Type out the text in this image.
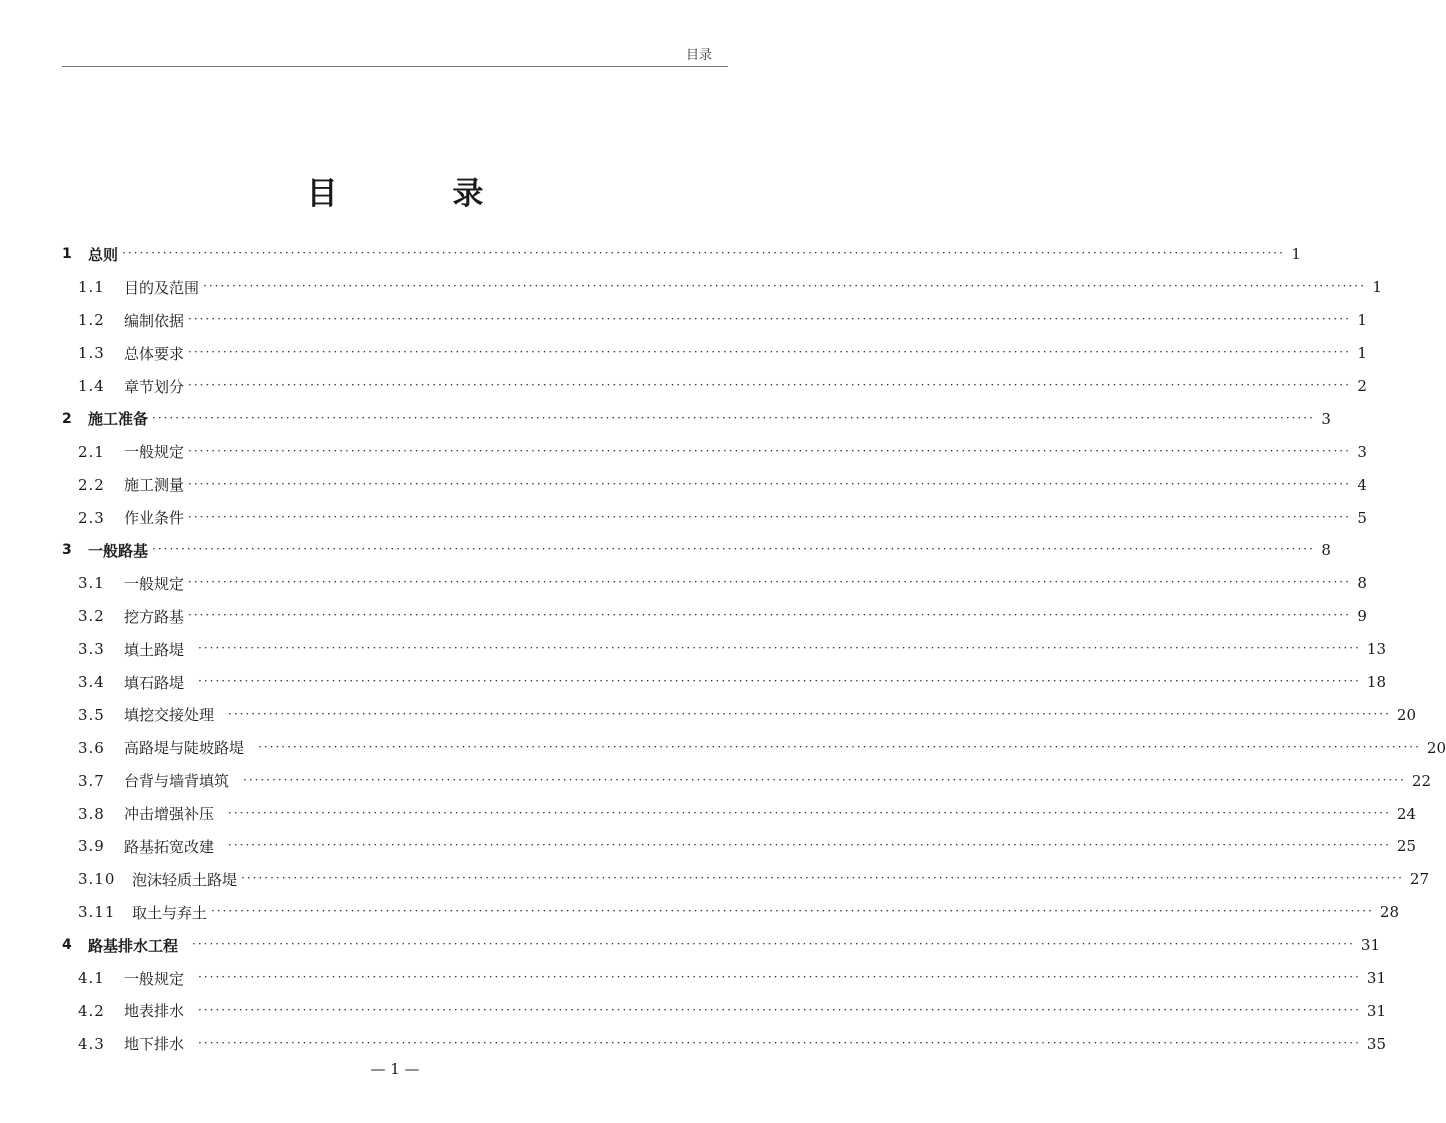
目录
目 录
1	总则 ········································································································································································································ 1
1.1	目的及范围 ········································································································································································································ 1
1.2	编制依据 ········································································································································································································ 1
1.3	总体要求 ········································································································································································································ 1
1.4	章节划分 ········································································································································································································ 2
2	施工准备 ········································································································································································································ 3
2.1	一般规定 ········································································································································································································ 3
2.2	施工测量 ········································································································································································································ 4
2.3	作业条件 ········································································································································································································ 5
3	一般路基 ········································································································································································································ 8
3.1	一般规定 ········································································································································································································ 8
3.2	挖方路基 ········································································································································································································ 9
3.3	填土路堤 ········································································································································································································ 13
3.4	填石路堤 ········································································································································································································ 18
3.5	填挖交接处理 ········································································································································································································ 20
3.6	高路堤与陡坡路堤 ········································································································································································································ 20
3.7	台背与墙背填筑 ········································································································································································································ 22
3.8	冲击增强补压 ········································································································································································································ 24
3.9	路基拓宽改建 ········································································································································································································ 25
3.10	泡沫轻质土路堤 ········································································································································································································ 27
3.11	取土与弃土 ········································································································································································································ 28
4	路基排水工程 ········································································································································································································ 31
4.1	一般规定 ········································································································································································································ 31
4.2	地表排水 ········································································································································································································ 31
4.3	地下排水 ········································································································································································································ 35
— 1 —
